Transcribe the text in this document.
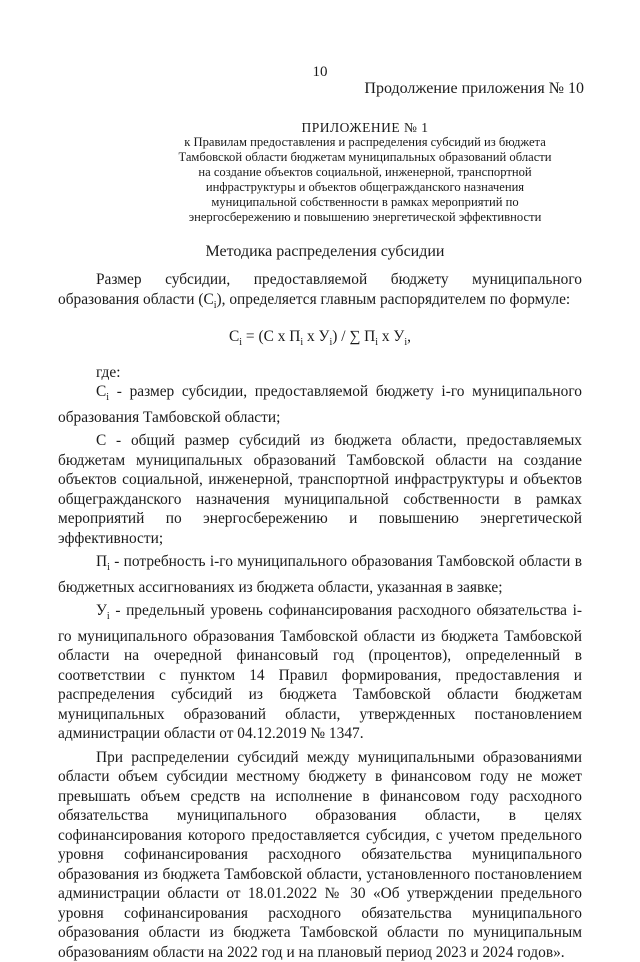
10
Продолжение приложения № 10
ПРИЛОЖЕНИЕ № 1
к Правилам предоставления и распределения субсидий из бюджета
Тамбовской области бюджетам муниципальных образований области
на создание объектов социальной, инженерной, транспортной
инфраструктуры и объектов общегражданского назначения
муниципальной собственности в рамках мероприятий по
энергосбережению и повышению энергетической эффективности
Методика распределения субсидии

Размер субсидии, предоставляемой бюджету муниципального образования области $(C_i)$, определяется главным распорядителем по формуле:

$C_i = (C$ x $П_i$ x $У_i$) / ∑ $П_i$ x $У_i$,

где:

$C_i$ - размер субсидии, предоставляемой бюджету i-го муниципального образования Тамбовской области;

C - общий размер субсидий из бюджета области, предоставляемых бюджетам муниципальных образований Тамбовской области на создание объектов социальной, инженерной, транспортной инфраструктуры и объектов общегражданского назначения муниципальной собственности в рамках мероприятий по энергосбережению и повышению энергетической эффективности;

$П_i$ - потребность i-го муниципального образования Тамбовской области в бюджетных ассигнованиях из бюджета области, указанная в заявке;

$У_i$ - предельный уровень софинансирования расходного обязательства i-го муниципального образования Тамбовской области из бюджета Тамбовской области на очередной финансовый год (процентов), определенный в соответствии с пунктом 14 Правил формирования, предоставления и распределения субсидий из бюджета Тамбовской области бюджетам муниципальных образований области, утвержденных постановлением администрации области от 04.12.2019 № 1347.

При распределении субсидий между муниципальными образованиями области объем субсидии местному бюджету в финансовом году не может превышать объем средств на исполнение в финансовом году расходного обязательства муниципального образования области, в целях софинансирования которого предоставляется субсидия, с учетом предельного уровня софинансирования расходного обязательства муниципального образования из бюджета Тамбовской области, установленного постановлением администрации области от 18.01.2022 № 30 «Об утверждении предельного уровня софинансирования расходного обязательства муниципального образования области из бюджета Тамбовской области по муниципальным образованиям области на 2022 год и на плановый период 2023 и 2024 годов».
